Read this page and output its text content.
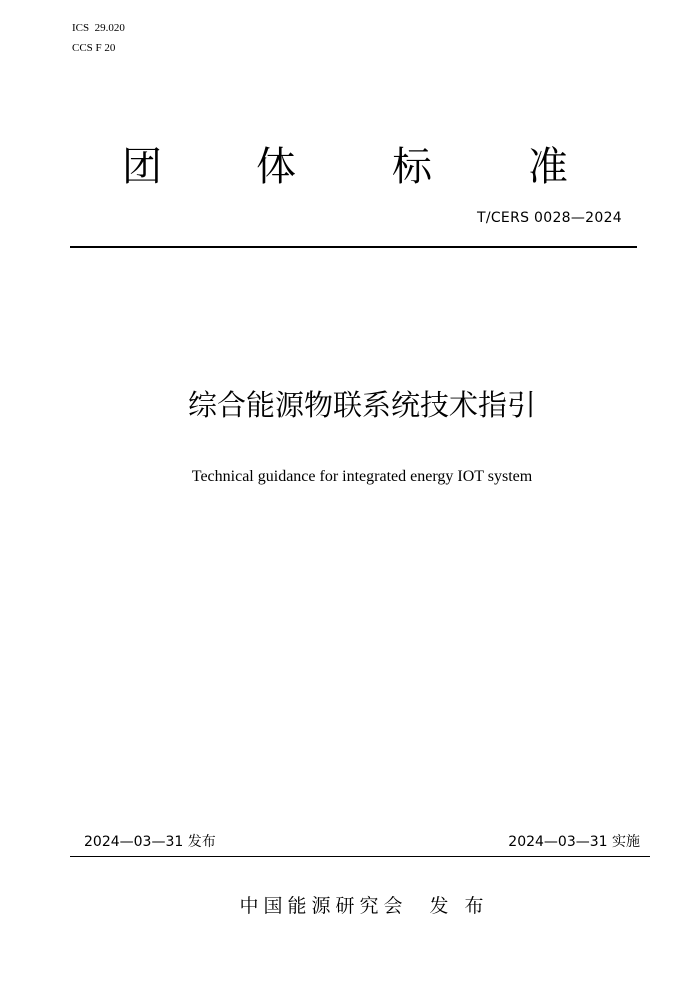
ICS  29.020
CCS F 20
团 体 标 准
T/CERS 0028—2024
综合能源物联系统技术指引
Technical guidance for integrated energy IOT system
2024—03—31 发布	2024—03—31 实施
中国能源研究会  发 布
